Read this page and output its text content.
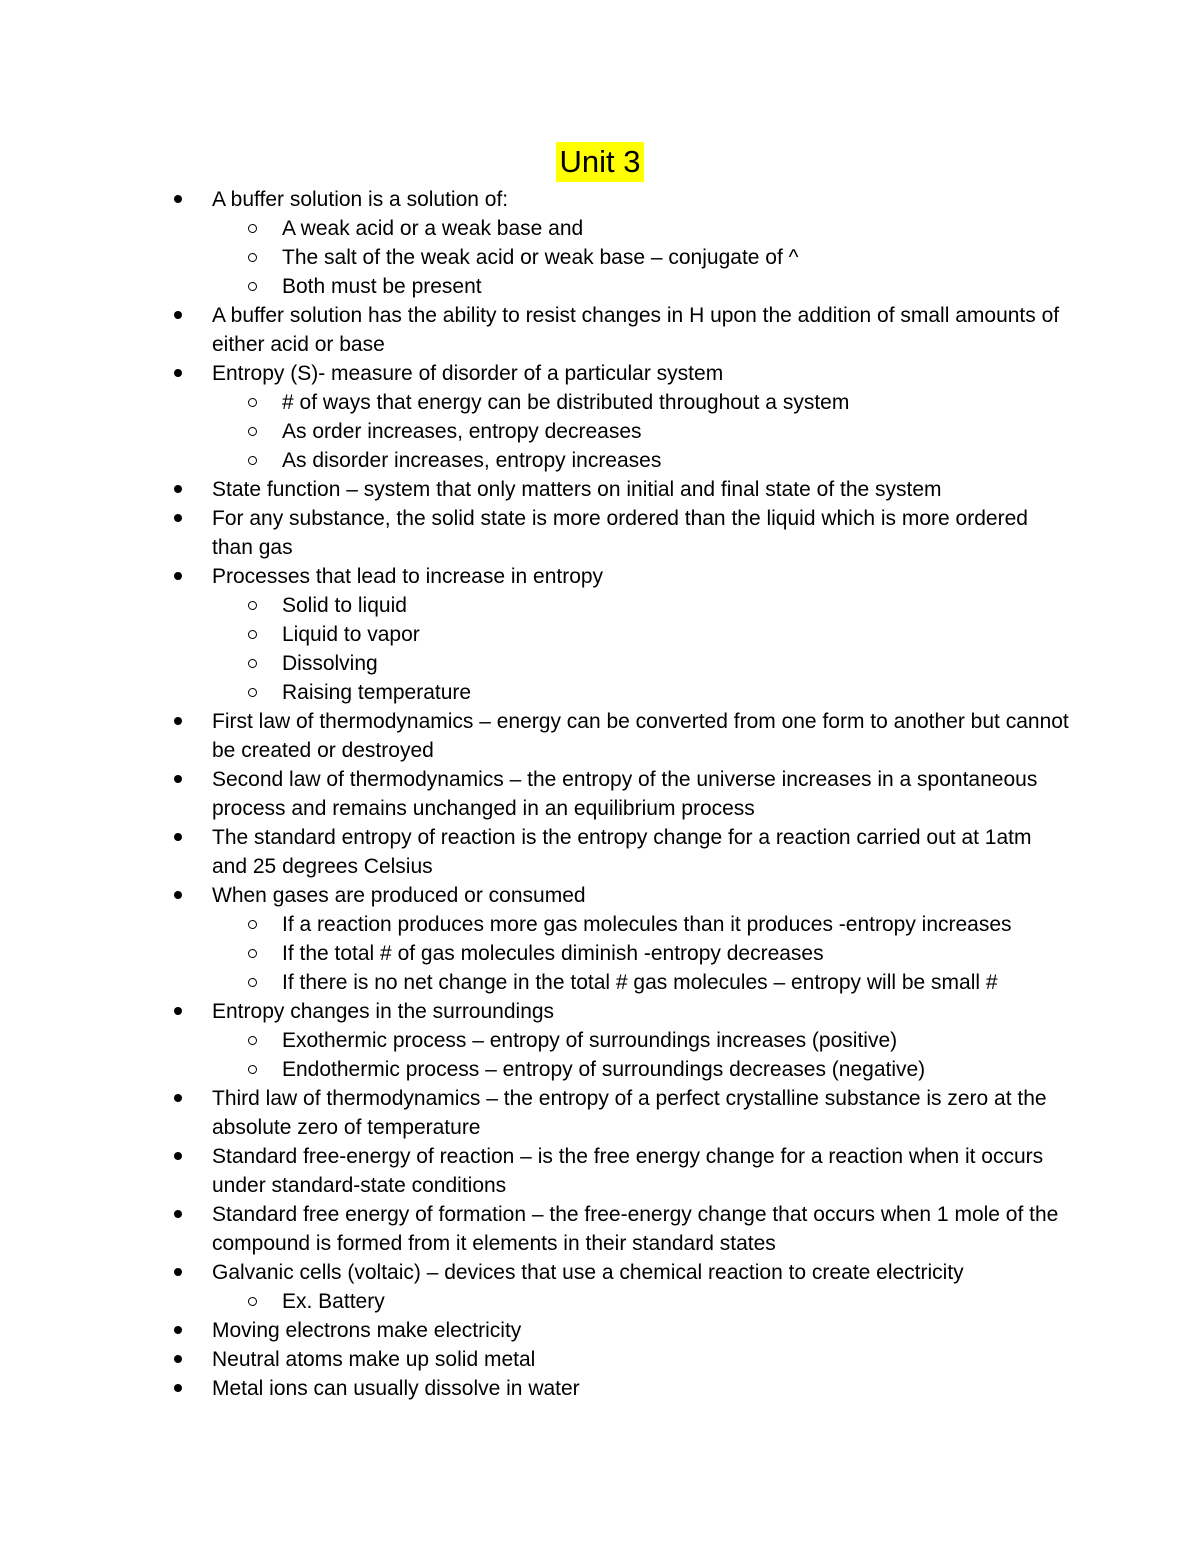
Unit 3
A buffer solution is a solution of:
A weak acid or a weak base and
The salt of the weak acid or weak base – conjugate of ^
Both must be present
A buffer solution has the ability to resist changes in H upon the addition of small amounts of either acid or base
Entropy (S)- measure of disorder of a particular system
# of ways that energy can be distributed throughout a system
As order increases, entropy decreases
As disorder increases, entropy increases
State function – system that only matters on initial and final state of the system
For any substance, the solid state is more ordered than the liquid which is more ordered than gas
Processes that lead to increase in entropy
Solid to liquid
Liquid to vapor
Dissolving
Raising temperature
First law of thermodynamics – energy can be converted from one form to another but cannot be created or destroyed
Second law of thermodynamics – the entropy of the universe increases in a spontaneous process and remains unchanged in an equilibrium process
The standard entropy of reaction is the entropy change for a reaction carried out at 1atm and 25 degrees Celsius
When gases are produced or consumed
If a reaction produces more gas molecules than it produces -entropy increases
If the total # of gas molecules diminish -entropy decreases
If there is no net change in the total # gas molecules – entropy will be small #
Entropy changes in the surroundings
Exothermic process – entropy of surroundings increases (positive)
Endothermic process – entropy of surroundings decreases (negative)
Third law of thermodynamics – the entropy of a perfect crystalline substance is zero at the absolute zero of temperature
Standard free-energy of reaction – is the free energy change for a reaction when it occurs under standard-state conditions
Standard free energy of formation – the free-energy change that occurs when 1 mole of the compound is formed from it elements in their standard states
Galvanic cells (voltaic) – devices that use a chemical reaction to create electricity
Ex. Battery
Moving electrons make electricity
Neutral atoms make up solid metal
Metal ions can usually dissolve in water
